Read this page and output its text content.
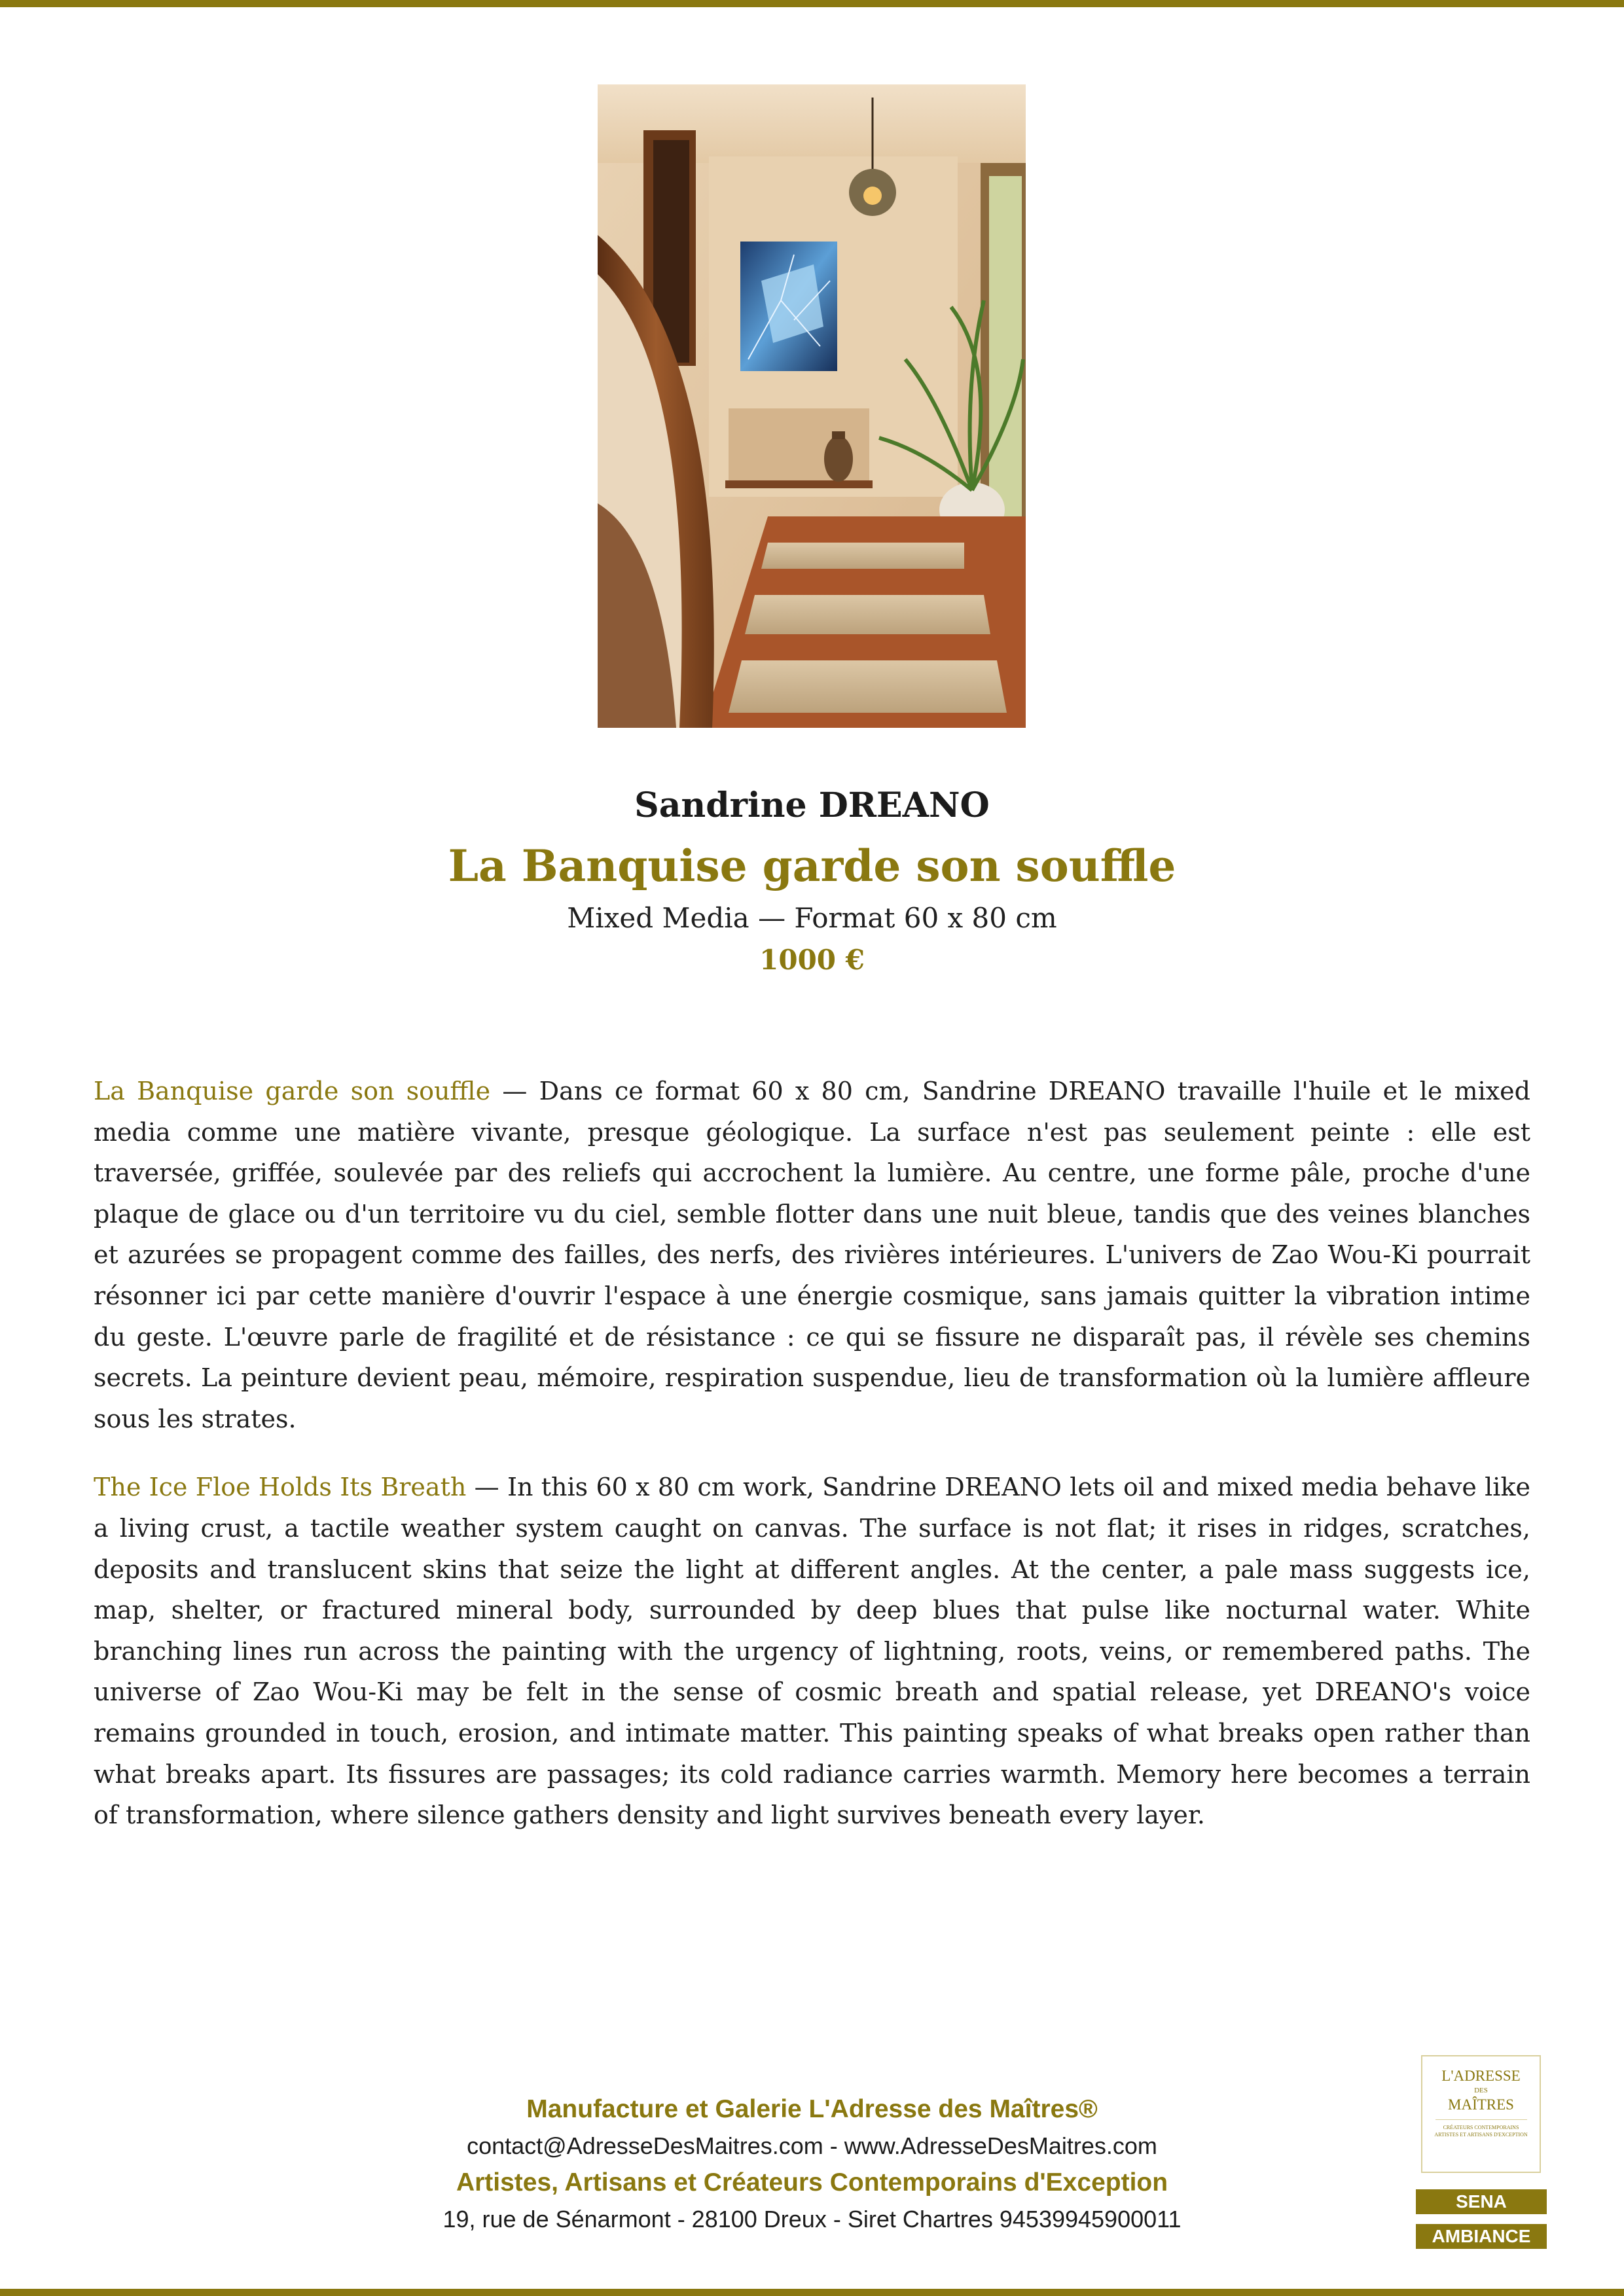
Sandrine DREANO
La Banquise garde son souffle
Mixed Media — Format 60 x 80 cm
1000 €

La Banquise garde son souffle — Dans ce format 60 x 80 cm, Sandrine DREANO travaille l'huile et le mixed media comme une matière vivante, presque géologique. La surface n'est pas seulement peinte : elle est traversée, griffée, soulevée par des reliefs qui accrochent la lumière. Au centre, une forme pâle, proche d'une plaque de glace ou d'un territoire vu du ciel, semble flotter dans une nuit bleue, tandis que des veines blanches et azurées se propagent comme des failles, des nerfs, des rivières intérieures. L'univers de Zao Wou-Ki pourrait résonner ici par cette manière d'ouvrir l'espace à une énergie cosmique, sans jamais quitter la vibration intime du geste. L'œuvre parle de fragilité et de résistance : ce qui se fissure ne disparaît pas, il révèle ses chemins secrets. La peinture devient peau, mémoire, respiration suspendue, lieu de transformation où la lumière affleure sous les strates.

The Ice Floe Holds Its Breath — In this 60 x 80 cm work, Sandrine DREANO lets oil and mixed media behave like a living crust, a tactile weather system caught on canvas. The surface is not flat; it rises in ridges, scratches, deposits and translucent skins that seize the light at different angles. At the center, a pale mass suggests ice, map, shelter, or fractured mineral body, surrounded by deep blues that pulse like nocturnal water. White branching lines run across the painting with the urgency of lightning, roots, veins, or remembered paths. The universe of Zao Wou-Ki may be felt in the sense of cosmic breath and spatial release, yet DREANO's voice remains grounded in touch, erosion, and intimate matter. This painting speaks of what breaks open rather than what breaks apart. Its fissures are passages; its cold radiance carries warmth. Memory here becomes a terrain of transformation, where silence gathers density and light survives beneath every layer.

Manufacture et Galerie L'Adresse des Maîtres®
contact@AdresseDesMaitres.com - www.AdresseDesMaitres.com
Artistes, Artisans et Créateurs Contemporains d'Exception
19, rue de Sénarmont - 28100 Dreux - Siret Chartres 94539945900011
L'ADRESSE
DES
MAÎTRES
CRÉATEURS CONTEMPORAINS ARTISTES ET ARTISANS D'EXCEPTION
SENA
AMBIANCE
